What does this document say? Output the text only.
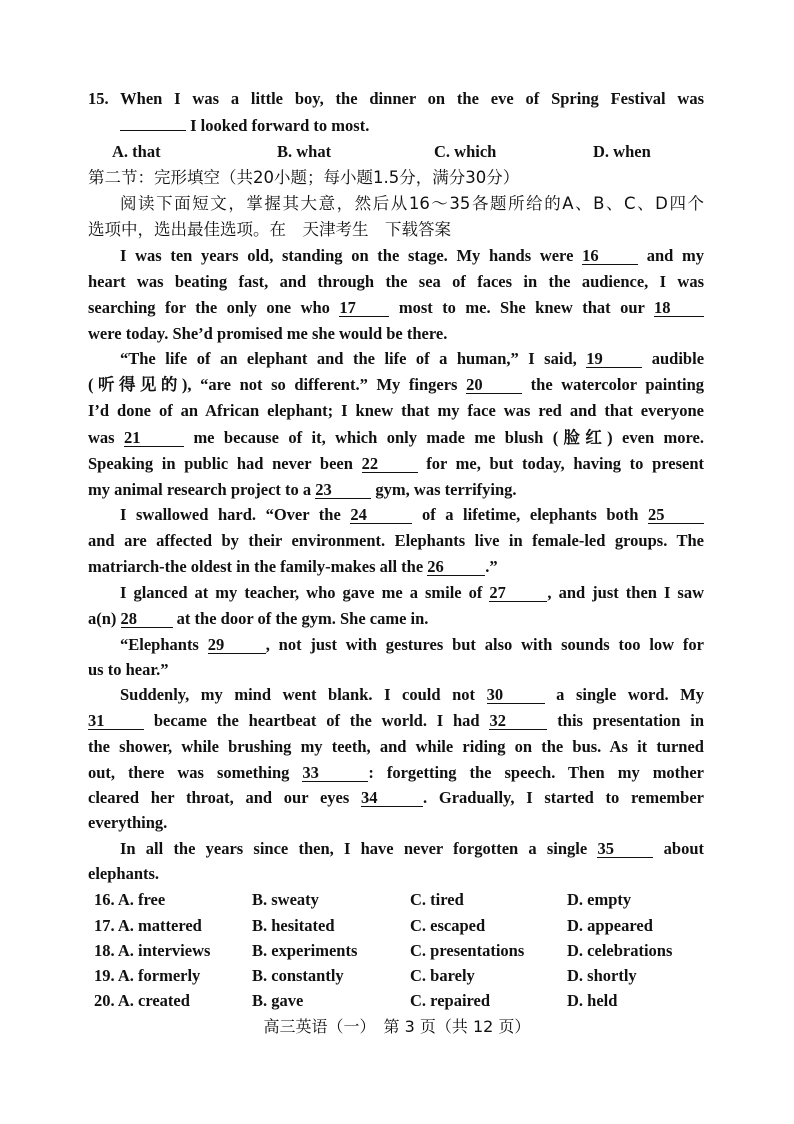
15. When I was a little boy, the dinner on the eve of Spring Festival was
I looked forward to most.
A. that	B. what	C. which	D. when
第二节：完形填空（共20小题；每小题1.5分，满分30分）
阅读下面短文，掌握其大意，然后从16～35各题所给的A、B、C、D四个
选项中，选出最佳选项。在　天津考生　下载答案
I was ten years old, standing on the stage. My hands were 16	and my
heart was beating fast, and through the sea of faces in the audience, I was
searching for the only one who 17	most to me. She knew that our 18
were today. She’d promised me she would be there.
“The life of an elephant and the life of a human,” I said, 19	audible
(听得见的), “are not so different.” My fingers 20	the watercolor painting
I’d done of an African elephant; I knew that my face was red and that everyone
was 21	me because of it, which only made me blush (脸红) even more.
Speaking in public had never been 22	for me, but today, having to present
my animal research project to a 23	gym, was terrifying.
I swallowed hard. “Over the 24	of a lifetime, elephants both 25
and are affected by their environment. Elephants live in female-led groups. The
matriarch-the oldest in the family-makes all the 26	.”
I glanced at my teacher, who gave me a smile of 27	, and just then I saw
a(n) 28 at the door of the gym. She came in.
“Elephants 29	, not just with gestures but also with sounds too low for
us to hear.”
Suddenly, my mind went blank. I could not 30	a single word. My
31	became the heartbeat of the world. I had 32	this presentation in
the shower, while brushing my teeth, and while riding on the bus. As it turned
out, there was something 33	: forgetting the speech. Then my mother
cleared her throat, and our eyes 34	. Gradually, I started to remember
everything.
In all the years since then, I have never forgotten a single 35	about
elephants.
16. A. free	B. sweaty	C. tired	D. empty
17. A. mattered	B. hesitated	C. escaped	D. appeared
18. A. interviews	B. experiments	C. presentations	D. celebrations
19. A. formerly	B. constantly	C. barely	D. shortly
20. A. created	B. gave	C. repaired	D. held
高三英语（一）　第 3 页（共 12 页）
